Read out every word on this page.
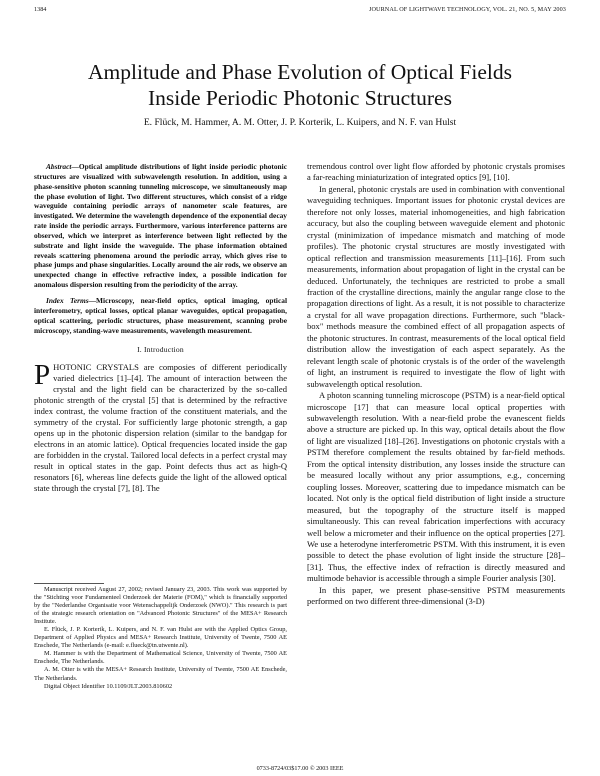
1384	JOURNAL OF LIGHTWAVE TECHNOLOGY, VOL. 21, NO. 5, MAY 2003
Amplitude and Phase Evolution of Optical Fields
Inside Periodic Photonic Structures
E. Flück, M. Hammer, A. M. Otter, J. P. Korterik, L. Kuipers, and N. F. van Hulst

Abstract—Optical amplitude distributions of light inside periodic photonic structures are visualized with subwavelength resolution. In addition, using a phase-sensitive photon scanning tunneling microscope, we simultaneously map the phase evolution of light. Two different structures, which consist of a ridge waveguide containing periodic arrays of nanometer scale features, are investigated. We determine the wavelength dependence of the exponential decay rate inside the periodic arrays. Furthermore, various interference patterns are observed, which we interpret as interference between light reflected by the substrate and light inside the waveguide. The phase information obtained reveals scattering phenomena around the periodic array, which gives rise to phase jumps and phase singularities. Locally around the air rods, we observe an unexpected change in effective refractive index, a possible indication for anomalous dispersion resulting from the periodicity of the array.

Index Terms—Microscopy, near-field optics, optical imaging, optical interferometry, optical losses, optical planar waveguides, optical propagation, optical scattering, periodic structures, phase measurement, scanning probe microscopy, standing-wave measurements, wavelength measurement.

I. Introduction

PHOTONIC CRYSTALS are composies of different periodically varied dielectrics [1]–[4]. The amount of interaction between the crystal and the light field can be characterized by the so-called photonic strength of the crystal [5] that is determined by the refractive index contrast, the volume fraction of the constituent materials, and the symmetry of the crystal. For sufficiently large photonic strength, a gap opens up in the photonic dispersion relation (similar to the bandgap for electrons in an atomic lattice). Optical frequencies located inside the gap are forbidden in the crystal. Tailored local defects in a perfect crystal may result in optical states in the gap. Point defects thus act as high-Q resonators [6], whereas line defects guide the light of the allowed optical state through the crystal [7], [8]. The

Manuscript received August 27, 2002; revised January 23, 2003. This work was supported by the "Stichting voor Fundamenteel Onderzoek der Materie (FOM)," which is financially supported by the "Nederlandse Organisatie voor Wetenschappelijk Onderzoek (NWO)." This research is part of the strategic research orientation on "Advanced Photonic Structures" of the MESA+ Research Institute.

E. Flück, J. P. Korterik, L. Kuipers, and N. F. van Hulst are with the Applied Optics Group, Department of Applied Physics and MESA+ Research Institute, University of Twente, 7500 AE Enschede, The Netherlands (e-mail: e.flueck@tn.utwente.nl).

M. Hammer is with the Department of Mathematical Science, University of Twente, 7500 AE Enschede, The Netherlands.

A. M. Otter is with the MESA+ Research Institute, University of Twente, 7500 AE Enschede, The Netherlands.

Digital Object Identifier 10.1109/JLT.2003.810602

tremendous control over light flow afforded by photonic crystals promises a far-reaching miniaturization of integrated optics [9], [10].

In general, photonic crystals are used in combination with conventional waveguiding techniques. Important issues for photonic crystal devices are therefore not only losses, material inhomogeneities, and high fabrication accuracy, but also the coupling between waveguide element and photonic crystal (minimization of impedance mismatch and matching of mode profiles). The photonic crystal structures are mostly investigated with optical reflection and transmission measurements [11]–[16]. From such measurements, information about propagation of light in the crystal can be deduced. Unfortunately, the techniques are restricted to probe a small fraction of the crystalline directions, mainly the angular range close to the propagation directions of light. As a result, it is not possible to characterize a crystal for all wave propagation directions. Furthermore, such "black-box" methods measure the combined effect of all propagation aspects of the photonic structures. In contrast, measurements of the local optical field distribution allow the investigation of each aspect separately. As the relevant length scale of photonic crystals is of the order of the wavelength of light, an instrument is required to investigate the flow of light with subwavelength optical resolution.

A photon scanning tunneling microscope (PSTM) is a near-field optical microscope [17] that can measure local optical properties with subwavelength resolution. With a near-field probe the evanescent fields above a structure are picked up. In this way, optical details about the flow of light are visualized [18]–[26]. Investigations on photonic crystals with a PSTM therefore complement the results obtained by far-field methods. From the optical intensity distribution, any losses inside the structure can be measured locally without any prior assumptions, e.g., concerning coupling losses. Moreover, scattering due to impedance mismatch can be located. Not only is the optical field distribution of light inside a structure measured, but the topography of the structure itself is mapped simultaneously. This can reveal fabrication imperfections with accuracy well below a micrometer and their influence on the optical properties [27]. We use a heterodyne interferometric PSTM. With this instrument, it is even possible to detect the phase evolution of light inside the structure [28]–[31]. Thus, the effective index of refraction is directly measured and multimode behavior is accessible through a simple Fourier analysis [30].

In this paper, we present phase-sensitive PSTM measurements performed on two different three-dimensional (3-D)

0733-8724/03$17.00 © 2003 IEEE
